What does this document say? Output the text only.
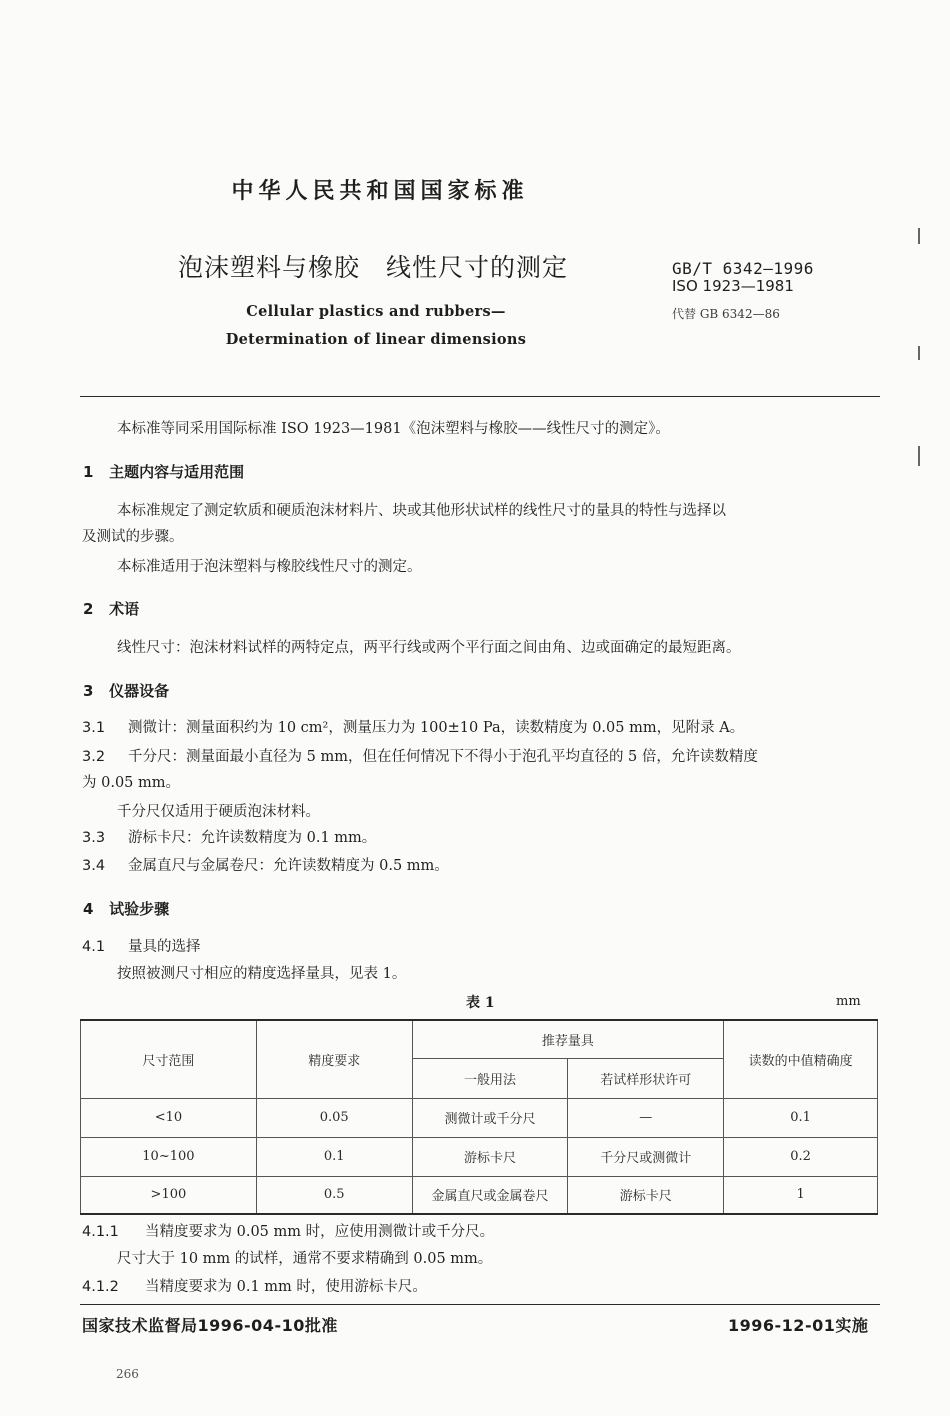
中华人民共和国国家标准
泡沫塑料与橡胶　线性尺寸的测定
Cellular plastics and rubbers—
Determination of linear dimensions
GB/T 6342—1996
ISO 1923—1981
代替 GB 6342—86

本标准等同采用国际标准 ISO 1923—1981《泡沫塑料与橡胶——线性尺寸的测定》。

1 主题内容与适用范围

本标准规定了测定软质和硬质泡沫材料片、块或其他形状试样的线性尺寸的量具的特性与选择以

及测试的步骤。

本标准适用于泡沫塑料与橡胶线性尺寸的测定。

2 术语

线性尺寸：泡沫材料试样的两特定点，两平行线或两个平行面之间由角、边或面确定的最短距离。

3 仪器设备
3.1 测微计：测量面积约为 10 cm²，测量压力为 100±10 Pa，读数精度为 0.05 mm，见附录 A。

3.2 千分尺：测量面最小直径为 5 mm，但在任何情况下不得小于泡孔平均直径的 5 倍，允许读数精度

为 0.05 mm。

千分尺仅适用于硬质泡沫材料。

3.3 游标卡尺：允许读数精度为 0.1 mm。

3.4 金属直尺与金属卷尺：允许读数精度为 0.5 mm。

4 试验步骤
4.1 量具的选择

按照被测尺寸相应的精度选择量具，见表 1。

表 1	mm
尺寸范围	精度要求	推荐量具		读数的中值精确度
		一般用法	若试样形状许可	
<10	0.05	测微计或千分尺	—	0.1
10~100	0.1	游标卡尺	千分尺或测微计	0.2
>100	0.5	金属直尺或金属卷尺	游标卡尺	1
4.1.1 当精度要求为 0.05 mm 时，应使用测微计或千分尺。

尺寸大于 10 mm 的试样，通常不要求精确到 0.05 mm。

4.1.2 当精度要求为 0.1 mm 时，使用游标卡尺。

国家技术监督局1996-04-10批准	1996-12-01实施
266
